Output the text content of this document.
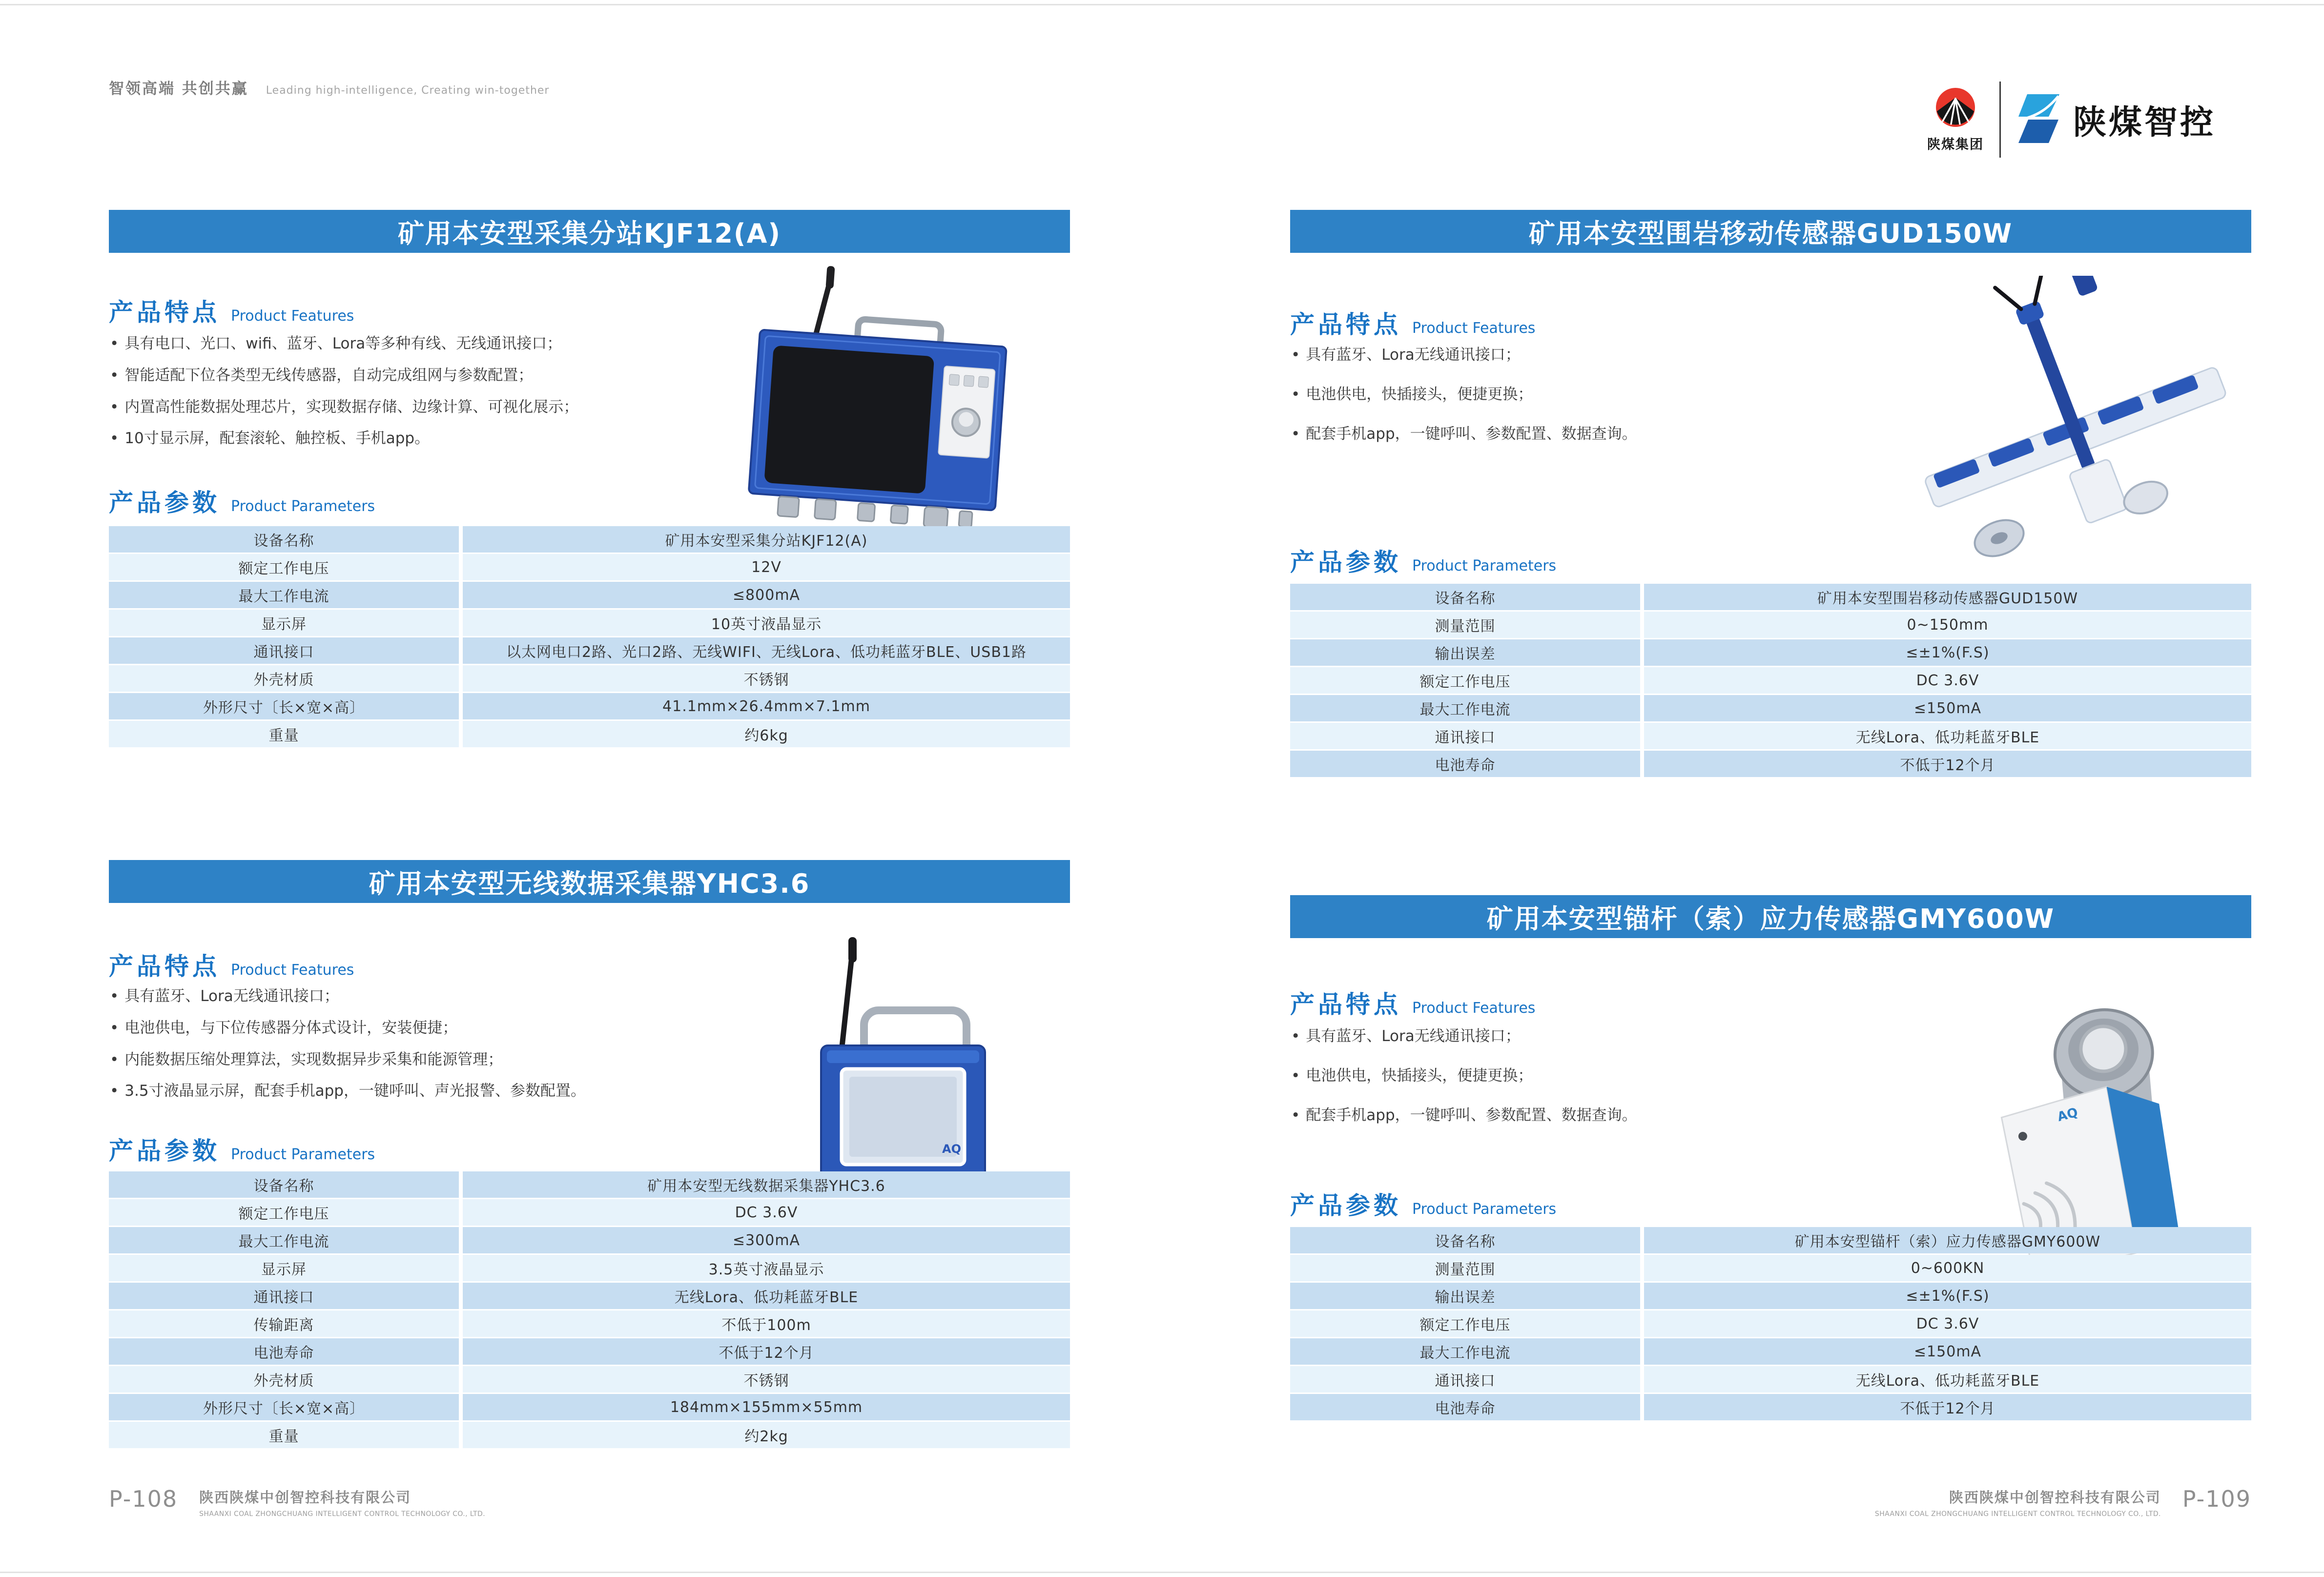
智领高端 共创共赢 Leading high-intelligence, Creating win-together
陕煤集团
陕煤智控
矿用本安型采集分站KJF12(A)
产品特点 Product Features
• 具有电口、光口、wifi、蓝牙、Lora等多种有线、无线通讯接口；
• 智能适配下位各类型无线传感器，自动完成组网与参数配置；
• 内置高性能数据处理芯片，实现数据存储、边缘计算、可视化展示；
• 10寸显示屏，配套滚轮、触控板、手机app。
产品参数 Product Parameters
设备名称	矿用本安型采集分站KJF12(A)
额定工作电压	12V
最大工作电流	≤800mA
显示屏	10英寸液晶显示
通讯接口	以太网电口2路、光口2路、无线WIFI、无线Lora、低功耗蓝牙BLE、USB1路
外壳材质	不锈钢
外形尺寸〔长×宽×高〕	41.1mm×26.4mm×7.1mm
重量	约6kg
矿用本安型无线数据采集器YHC3.6
产品特点 Product Features
• 具有蓝牙、Lora无线通讯接口；
• 电池供电，与下位传感器分体式设计，安装便捷；
• 内能数据压缩处理算法，实现数据异步采集和能源管理；
• 3.5寸液晶显示屏，配套手机app，一键呼叫、声光报警、参数配置。
AQ
产品参数 Product Parameters
设备名称	矿用本安型无线数据采集器YHC3.6
额定工作电压	DC 3.6V
最大工作电流	≤300mA
显示屏	3.5英寸液晶显示
通讯接口	无线Lora、低功耗蓝牙BLE
传输距离	不低于100m
电池寿命	不低于12个月
外壳材质	不锈钢
外形尺寸〔长×宽×高〕	184mm×155mm×55mm
重量	约2kg
矿用本安型围岩移动传感器GUD150W
产品特点 Product Features
• 具有蓝牙、Lora无线通讯接口；
• 电池供电，快插接头，便捷更换；
• 配套手机app，一键呼叫、参数配置、数据查询。
产品参数 Product Parameters
设备名称	矿用本安型围岩移动传感器GUD150W
测量范围	0~150mm
输出误差	≤±1%(F.S)
额定工作电压	DC 3.6V
最大工作电流	≤150mA
通讯接口	无线Lora、低功耗蓝牙BLE
电池寿命	不低于12个月
矿用本安型锚杆（索）应力传感器GMY600W
产品特点 Product Features
• 具有蓝牙、Lora无线通讯接口；
• 电池供电，快插接头，便捷更换；
• 配套手机app，一键呼叫、参数配置、数据查询。	AQ
产品参数 Product Parameters
设备名称	矿用本安型锚杆（索）应力传感器GMY600W
测量范围	0~600KN
输出误差	≤±1%(F.S)
额定工作电压	DC 3.6V
最大工作电流	≤150mA
通讯接口	无线Lora、低功耗蓝牙BLE
电池寿命	不低于12个月
P-108 陕西陕煤中创智控科技有限公司
SHAANXI COAL ZHONGCHUANG INTELLIGENT CONTROL TECHNOLOGY CO., LTD.
陕西陕煤中创智控科技有限公司
SHAANXI COAL ZHONGCHUANG INTELLIGENT CONTROL TECHNOLOGY CO., LTD.
P-109
